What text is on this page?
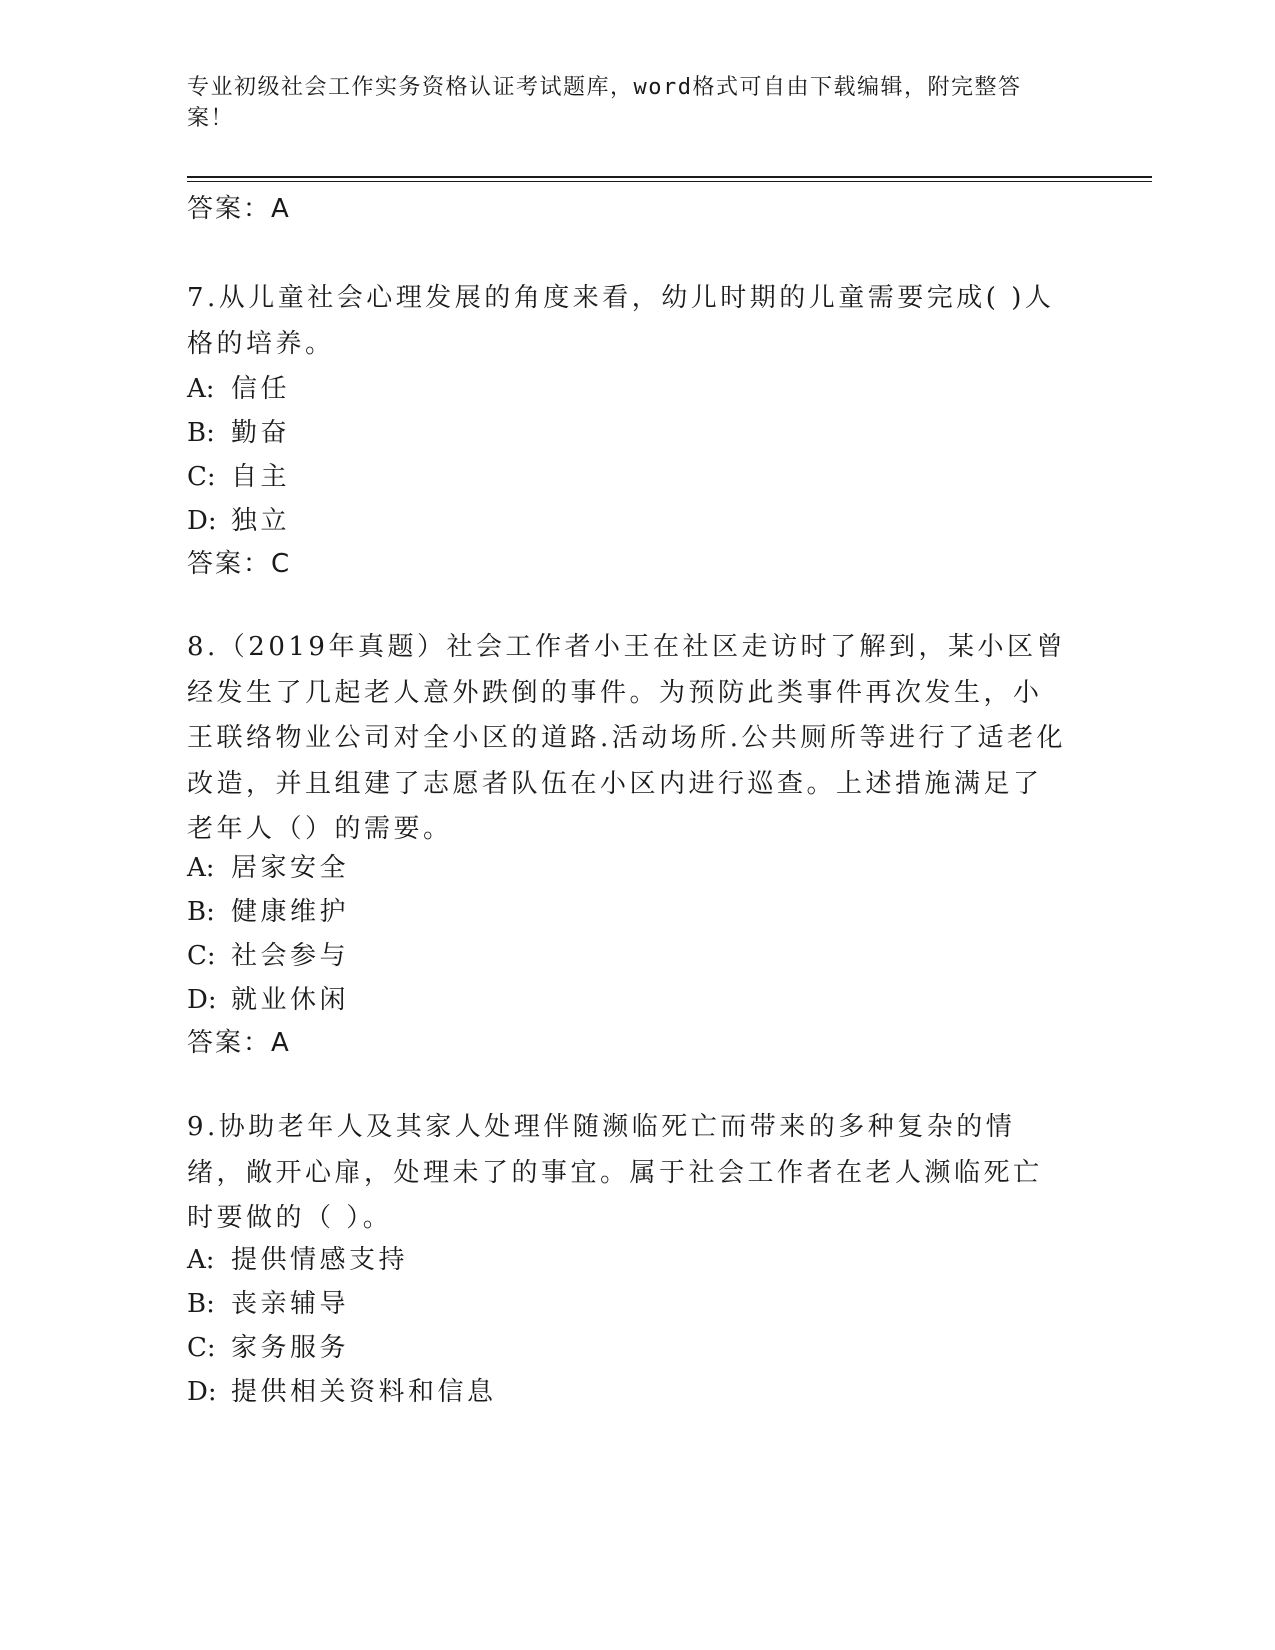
专业初级社会工作实务资格认证考试题库，word格式可自由下载编辑，附完整答案！
答案：A
7.从儿童社会心理发展的角度来看，幼儿时期的儿童需要完成( )人格的培养。
A: 信任
B: 勤奋
C: 自主
D: 独立
答案：C
8.（2019年真题）社会工作者小王在社区走访时了解到，某小区曾经发生了几起老人意外跌倒的事件。为预防此类事件再次发生，小王联络物业公司对全小区的道路.活动场所.公共厕所等进行了适老化改造，并且组建了志愿者队伍在小区内进行巡查。上述措施满足了老年人（）的需要。
A: 居家安全
B: 健康维护
C: 社会参与
D: 就业休闲
答案：A
9.协助老年人及其家人处理伴随濒临死亡而带来的多种复杂的情绪，敞开心扉，处理未了的事宜。属于社会工作者在老人濒临死亡时要做的（ ）。
A: 提供情感支持
B: 丧亲辅导
C: 家务服务
D: 提供相关资料和信息
